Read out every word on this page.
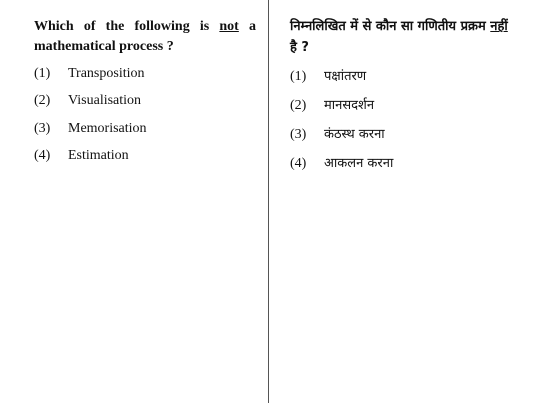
Which of the following is not a mathematical process ?
(1) Transposition
(2) Visualisation
(3) Memorisation
(4) Estimation
निम्नलिखित में से कौन सा गणितीय प्रक्रम नहीं है ?
(1) पक्षांतरण
(2) मानसदर्शन
(3) कंठस्थ करना
(4) आकलन करना
